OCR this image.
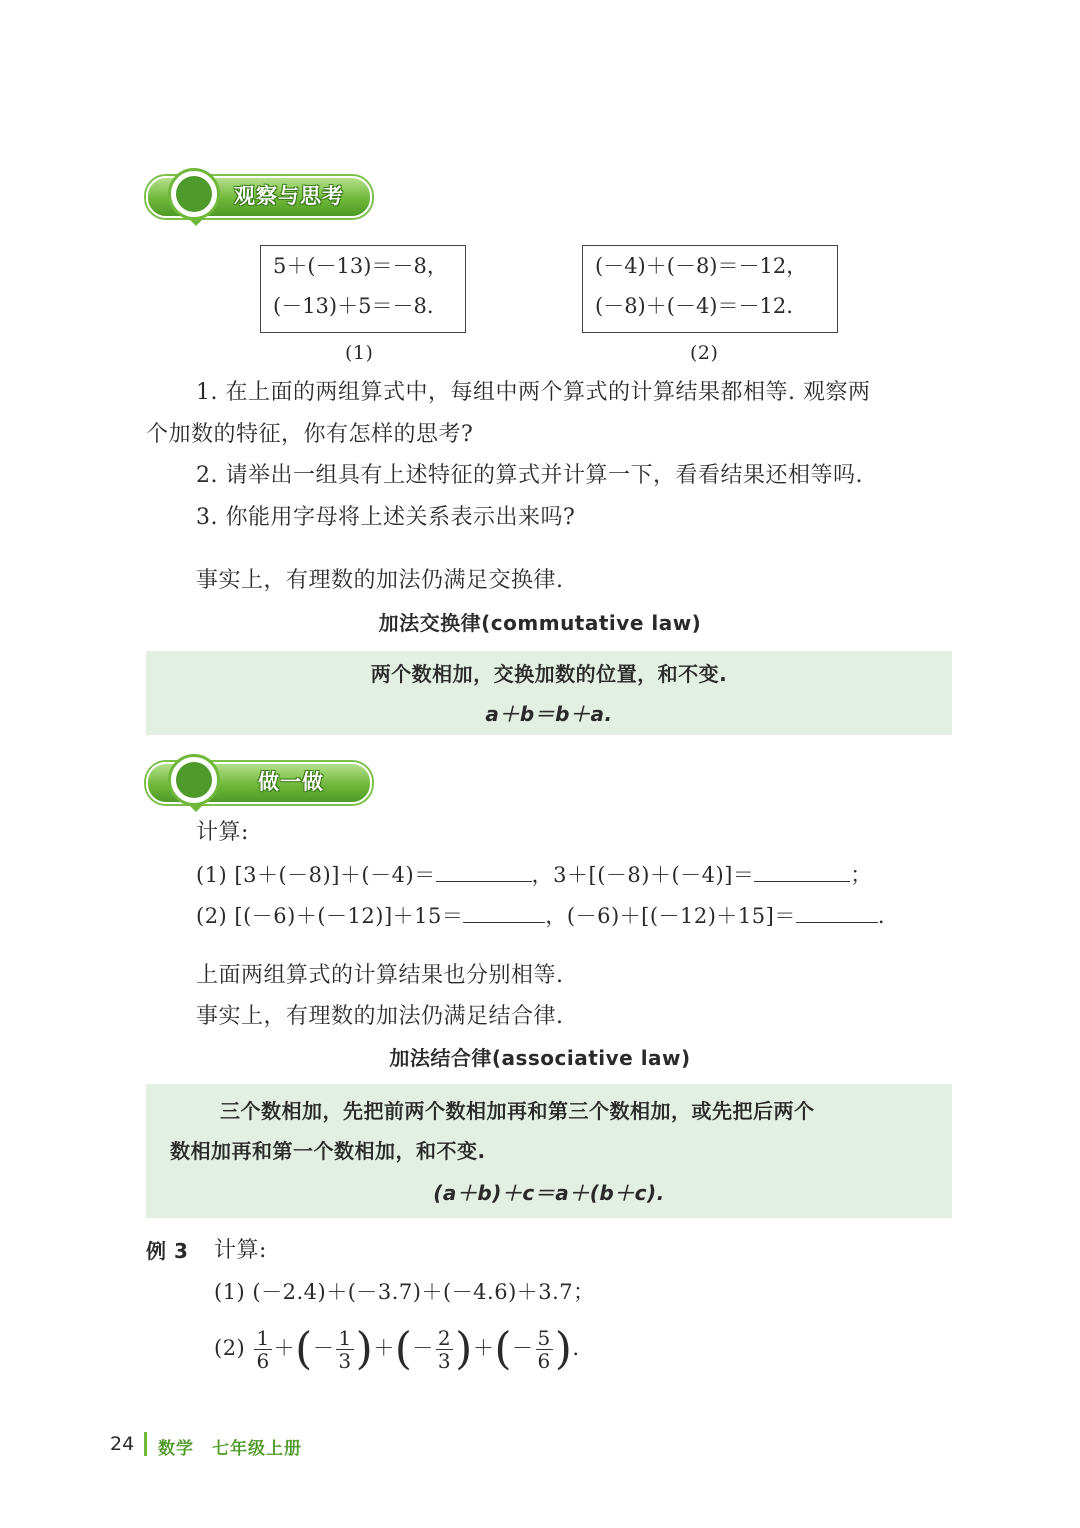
观察与思考
5＋(－13)＝－8，
(－13)＋5＝－8.
(1)
(－4)＋(－8)＝－12，
(－8)＋(－4)＝－12.
(2)
1. 在上面的两组算式中，每组中两个算式的计算结果都相等. 观察两
个加数的特征，你有怎样的思考?
2. 请举出一组具有上述特征的算式并计算一下，看看结果还相等吗.
3. 你能用字母将上述关系表示出来吗?
事实上，有理数的加法仍满足交换律.
加法交换律(commutative law)
两个数相加，交换加数的位置，和不变.
a＋b＝b＋a.
做一做
计算:
(1) [3＋(－8)]＋(－4)＝	，3＋[(－8)＋(－4)]＝	；
(2) [(－6)＋(－12)]＋15＝	，(－6)＋[(－12)＋15]＝	.
上面两组算式的计算结果也分别相等.
事实上，有理数的加法仍满足结合律.
加法结合律(associative law)
三个数相加，先把前两个数相加再和第三个数相加，或先把后两个
数相加再和第一个数相加，和不变.
(a＋b)＋c＝a＋(b＋c).
例 3 计算:
(1) (－2.4)＋(－3.7)＋(－4.6)＋3.7；
$(2) \frac{1}{6}$ ＋(－ $\frac{1}{3}$ )＋(－ $\frac{2}{3}$ )＋(－ $\frac{5}{6}$ ).
24 数学 七年级上册
